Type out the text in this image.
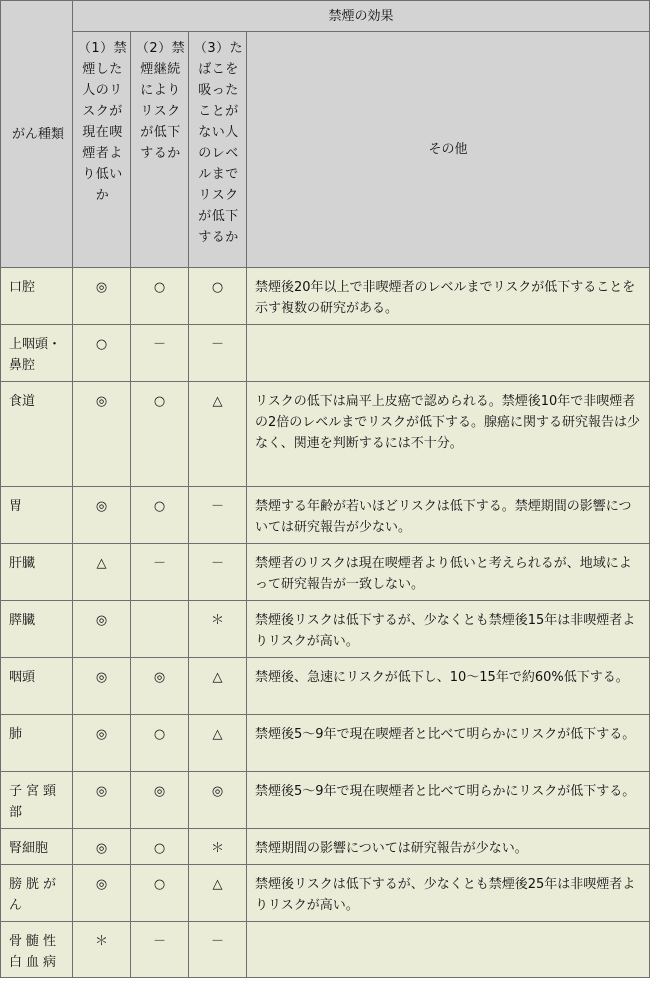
がん種類	禁煙の効果			

	（1）禁煙した人のリスクが現在喫煙者より低いか	（2）禁煙継続によりリスクが低下するか	（3）たばこを吸ったことがない人のレベルまでリスクが低下するか	その他

口腔	◎	○	○	禁煙後20年以上で非喫煙者のレベルまでリスクが低下することを示す複数の研究がある。

上咽頭・鼻腔	○	－	－	

食道	◎	○	△	リスクの低下は扁平上皮癌で認められる。禁煙後10年で非喫煙者の2倍のレベルまでリスクが低下する。腺癌に関する研究報告は少なく、関連を判断するには不十分。

胃	◎	○	－	禁煙する年齢が若いほどリスクは低下する。禁煙期間の影響については研究報告が少ない。

肝臓	△	－	－	禁煙者のリスクは現在喫煙者より低いと考えられるが、地域によって研究報告が一致しない。

膵臓	◎		＊	禁煙後リスクは低下するが、少なくとも禁煙後15年は非喫煙者よりリスクが高い。

咽頭	◎	◎	△	禁煙後、急速にリスクが低下し、10～15年で約60%低下する。

肺	◎	○	△	禁煙後5～9年で現在喫煙者と比べて明らかにリスクが低下する。

子宮頸部	◎	◎	◎	禁煙後5～9年で現在喫煙者と比べて明らかにリスクが低下する。

腎細胞	◎	○	＊	禁煙期間の影響については研究報告が少ない。

膀胱がん	◎	○	△	禁煙後リスクは低下するが、少なくとも禁煙後25年は非喫煙者よりリスクが高い。

骨髄性白血病	＊	－	－	
